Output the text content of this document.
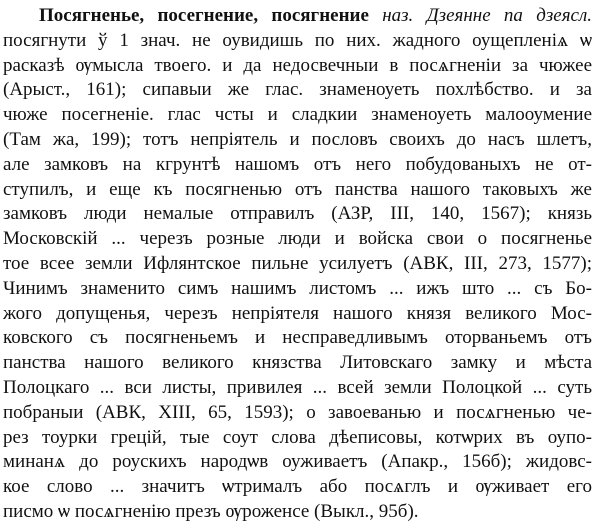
Посягненье, посегнение, посягнение наз. Дзеянне па дзеясл.
посягнути ў 1 знач. не оувидишь по них. жадного оущепленiѧ ѡ
расказѣ ѹмысла твоего. и да недосвечныи в посѧгненiи за чюжее
(Арыст., 161); сипавыи же глас. знаменоуеть похлѣбство. и за
чюже посегненiе. глас чсты и сладкии знаменоуеть малооумение
(Там жа, 199); тотъ непрiятель и пословъ своихъ до насъ шлетъ,
але замковъ на кгрунтѣ нашомъ отъ него побудованыхъ не от-
ступилъ, и еще къ посягненью отъ панства нашого таковыхъ же
замковъ люди немалые отправилъ (АЗР, III, 140, 1567); князь
Московскiй ... черезъ розные люди и войска свои о посягненье
тое всее земли Ифлянтское пильне усилуетъ (АВК, III, 273, 1577);
Чинимъ знаменито симъ нашимъ листомъ ... ижъ што ... съ Бо-
жого допущенья, черезъ непрiятеля нашого князя великого Мос-
ковского съ посягненьемъ и несправедливымъ оторваньемъ отъ
панства нашого великого князства Литовскаго замку и мѣста
Полоцкаго ... вси листы, привилея ... всей земли Полоцкой ... суть
побраныи (АВК, XIII, 65, 1593); о завоеванью и посѧгненью че-
рез тоурки грецiй, тые соут слова дѣеписовы, котѡрих въ оупо-
минанѧ до роускихъ народѡв оуживаетъ (Апакр., 156б); жидовс-
кое слово ... значитъ ѡтрималъ або посѧглъ и ѹживает его
писмо ѡ посѧгненiю презъ ѹроженсе (Выкл., 95б).
